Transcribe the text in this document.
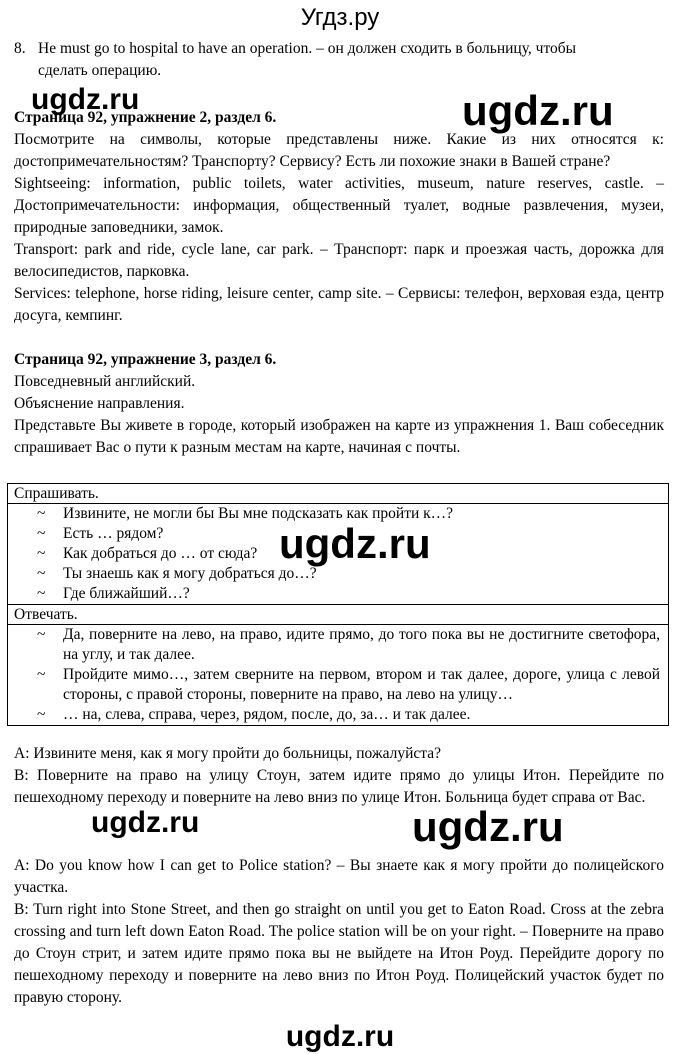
Угдз.ру
8. He must go to hospital to have an operation. – он должен сходить в больницу, чтобы
сделать операцию.
ugdz.ru	ugdz.ru
Страница 92, упражнение 2, раздел 6.
Посмотрите на символы, которые представлены ниже. Какие из них относятся к: достопримечательностям? Транспорту? Сервису? Есть ли похожие знаки в Вашей стране?
Sightseeing: information, public toilets, water activities, museum, nature reserves, castle. – Достопримечательности: информация, общественный туалет, водные развлечения, музеи, природные заповедники, замок.
Transport: park and ride, cycle lane, car park. – Транспорт: парк и проезжая часть, дорожка для велосипедистов, парковка.
Services: telephone, horse riding, leisure center, camp site. – Сервисы: телефон, верховая езда, центр досуга, кемпинг.
Страница 92, упражнение 3, раздел 6.
Повседневный английский.
Объяснение направления.
Представьте Вы живете в городе, который изображен на карте из упражнения 1. Ваш собеседник спрашивает Вас о пути к разным местам на карте, начиная с почты.
Спрашивать.

~ Извините, не могли бы Вы мне подсказать как пройти к…?
~ Есть … рядом?
~ Как добраться до … от сюда?
~ Ты знаешь как я могу добраться до…?
~ Где ближайший…?

Отвечать.

~ Да, поверните на лево, на право, идите прямо, до того пока вы не достигните светофора, на углу, и так далее.
~ Пройдите мимо…, затем сверните на первом, втором и так далее, дороге, улица с левой стороны, с правой стороны, поверните на право, на лево на улицу…
~ … на, слева, справа, через, рядом, после, до, за… и так далее.
ugdz.ru
А: Извините меня, как я могу пройти до больницы, пожалуйста?
В: Поверните на право на улицу Стоун, затем идите прямо до улицы Итон. Перейдите по пешеходному переходу и поверните на лево вниз по улице Итон. Больница будет справа от Вас.
ugdz.ru	ugdz.ru
A: Do you know how I can get to Police station? – Вы знаете как я могу пройти до полицейского участка.
B: Turn right into Stone Street, and then go straight on until you get to Eaton Road. Cross at the zebra crossing and turn left down Eaton Road. The police station will be on your right. – Поверните на право до Стоун стрит, и затем идите прямо пока вы не выйдете на Итон Роуд. Перейдите дорогу по пешеходному переходу и поверните на лево вниз по Итон Роуд. Полицейский участок будет по правую сторону.
ugdz.ru
